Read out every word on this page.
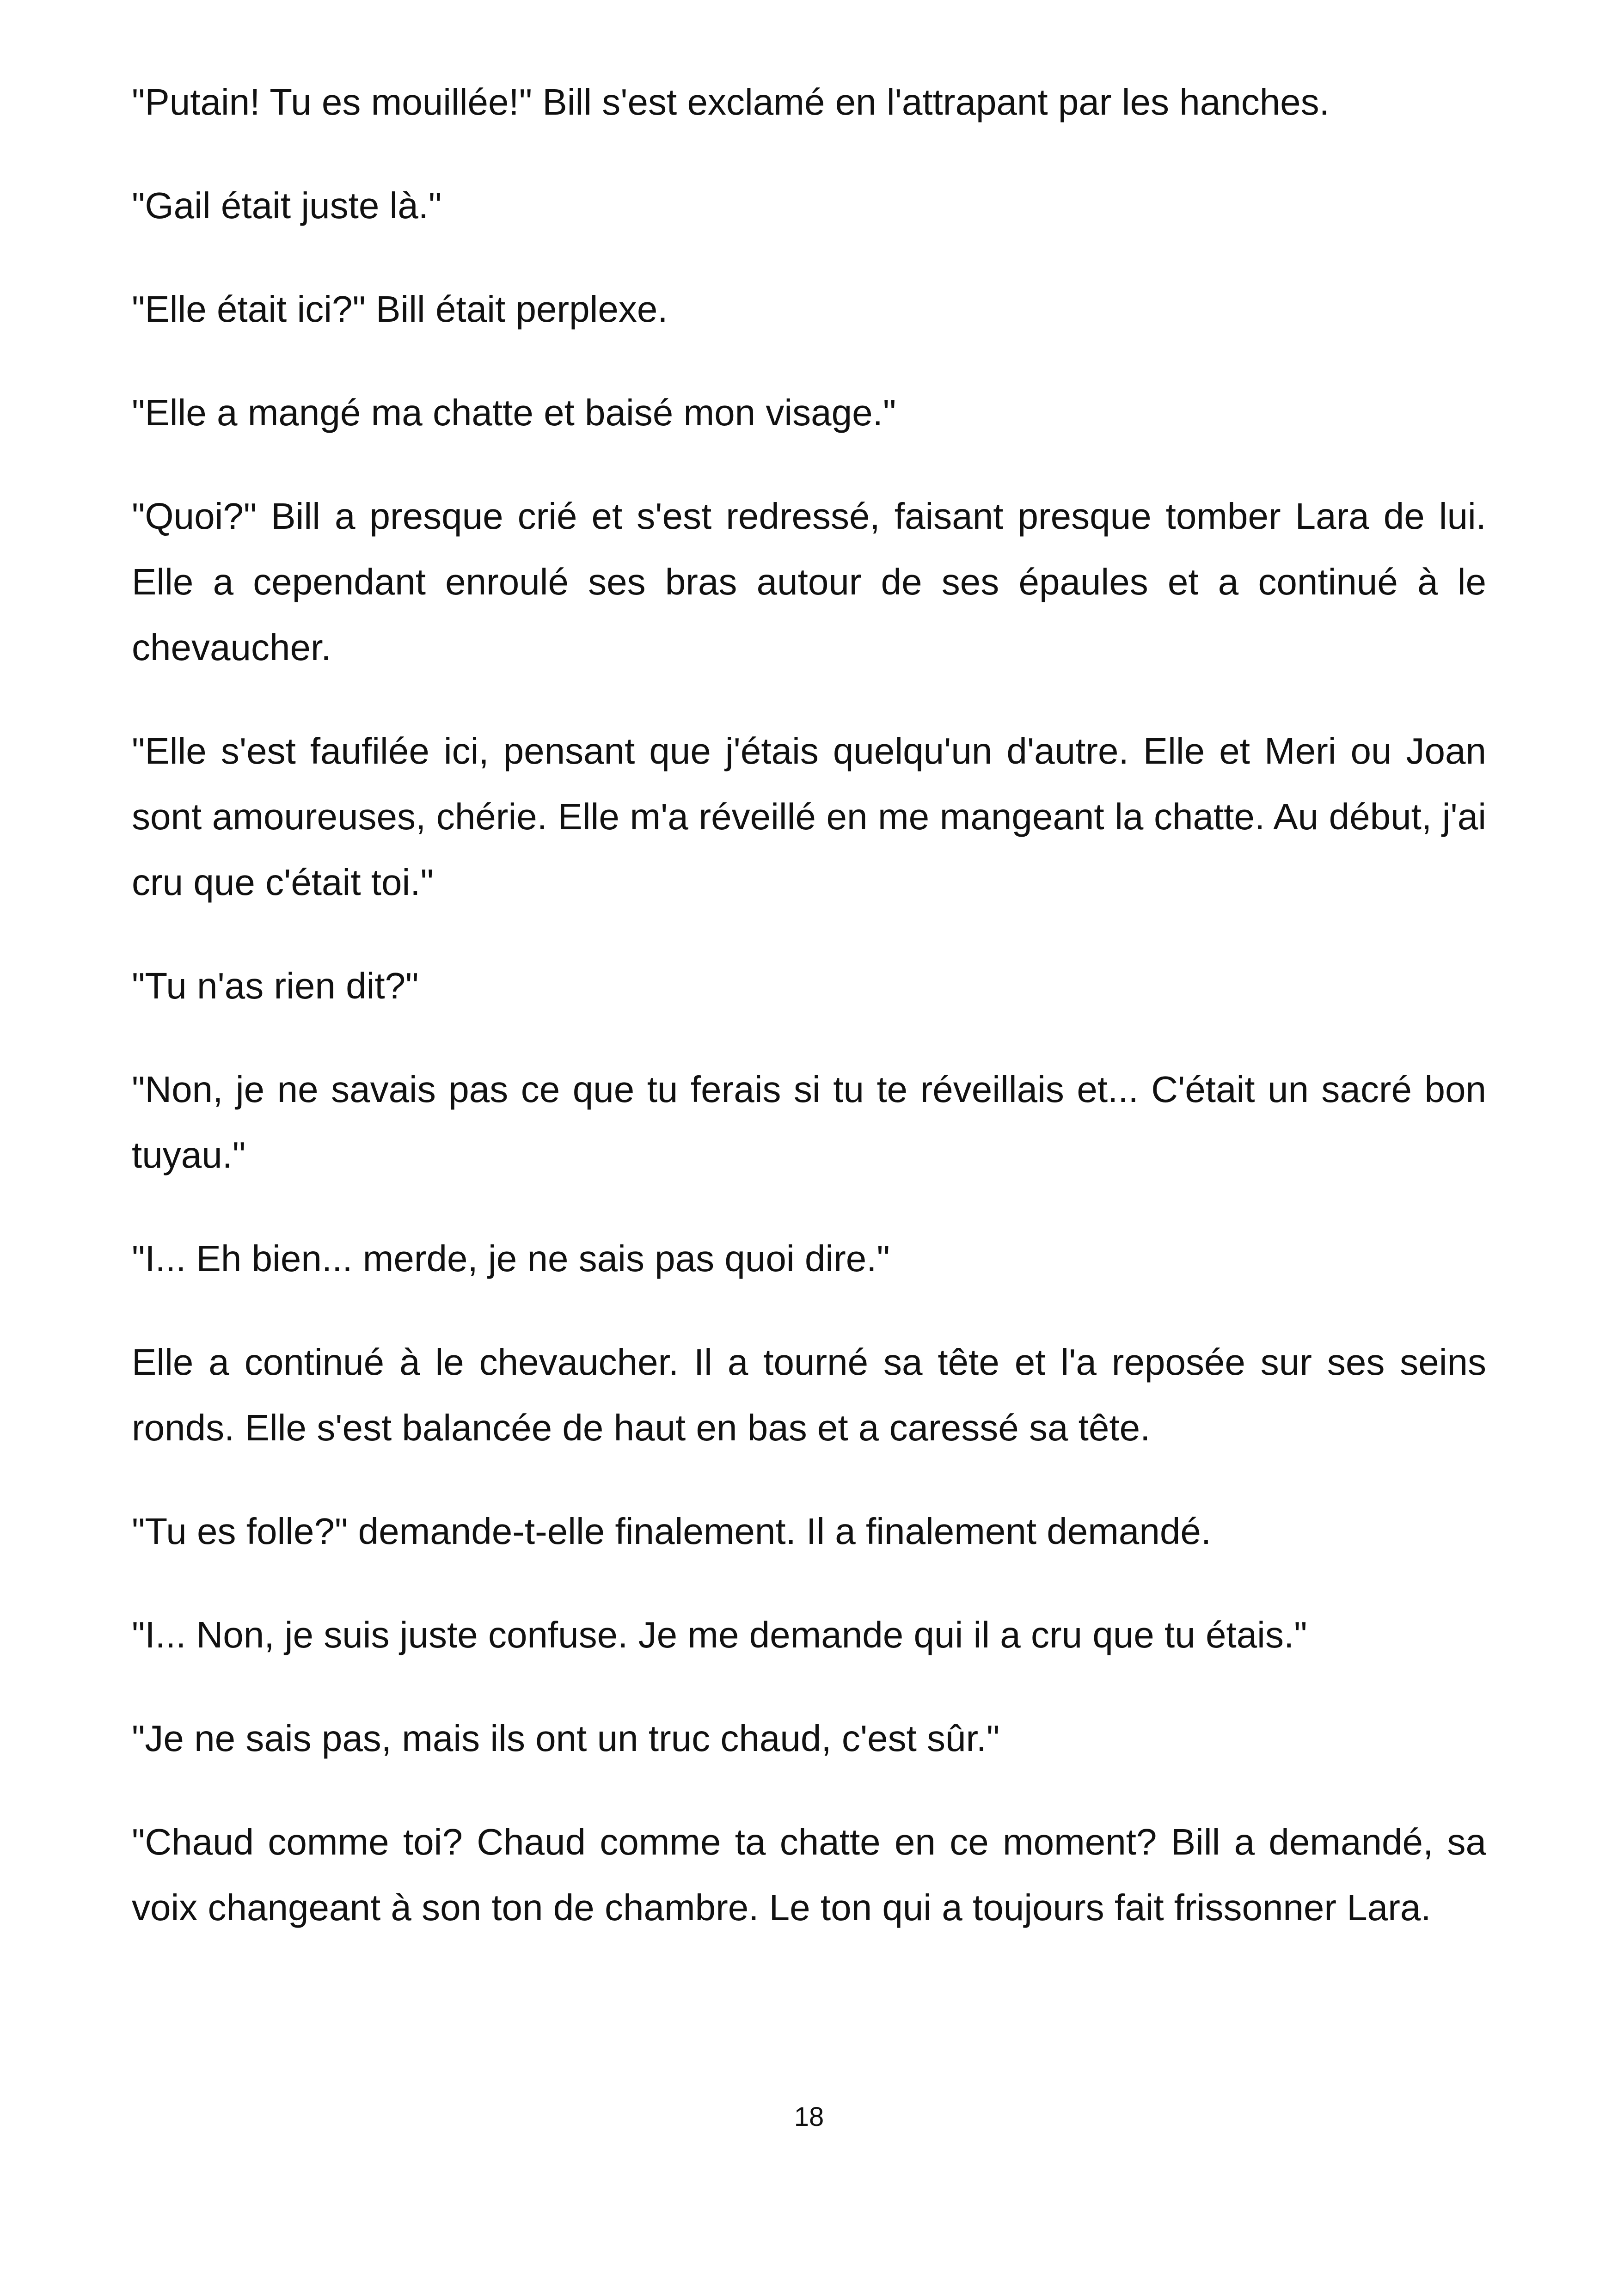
"Putain! Tu es mouillée!" Bill s'est exclamé en l'attrapant par les hanches.

"Gail était juste là."

"Elle était ici?" Bill était perplexe.

"Elle a mangé ma chatte et baisé mon visage."

"Quoi?" Bill a presque crié et s'est redressé, faisant presque tomber Lara de lui. Elle a cependant enroulé ses bras autour de ses épaules et a continué à le chevaucher.

"Elle s'est faufilée ici, pensant que j'étais quelqu'un d'autre. Elle et Meri ou Joan sont amoureuses, chérie. Elle m'a réveillé en me mangeant la chatte. Au début, j'ai cru que c'était toi."

"Tu n'as rien dit?"

"Non, je ne savais pas ce que tu ferais si tu te réveillais et... C'était un sacré bon tuyau."

"I... Eh bien... merde, je ne sais pas quoi dire."

Elle a continué à le chevaucher. Il a tourné sa tête et l'a reposée sur ses seins ronds. Elle s'est balancée de haut en bas et a caressé sa tête.

"Tu es folle?" demande-t-elle finalement. Il a finalement demandé.

"I... Non, je suis juste confuse. Je me demande qui il a cru que tu étais."

"Je ne sais pas, mais ils ont un truc chaud, c'est sûr."

"Chaud comme toi? Chaud comme ta chatte en ce moment? Bill a demandé, sa voix changeant à son ton de chambre. Le ton qui a toujours fait frissonner Lara.

18
